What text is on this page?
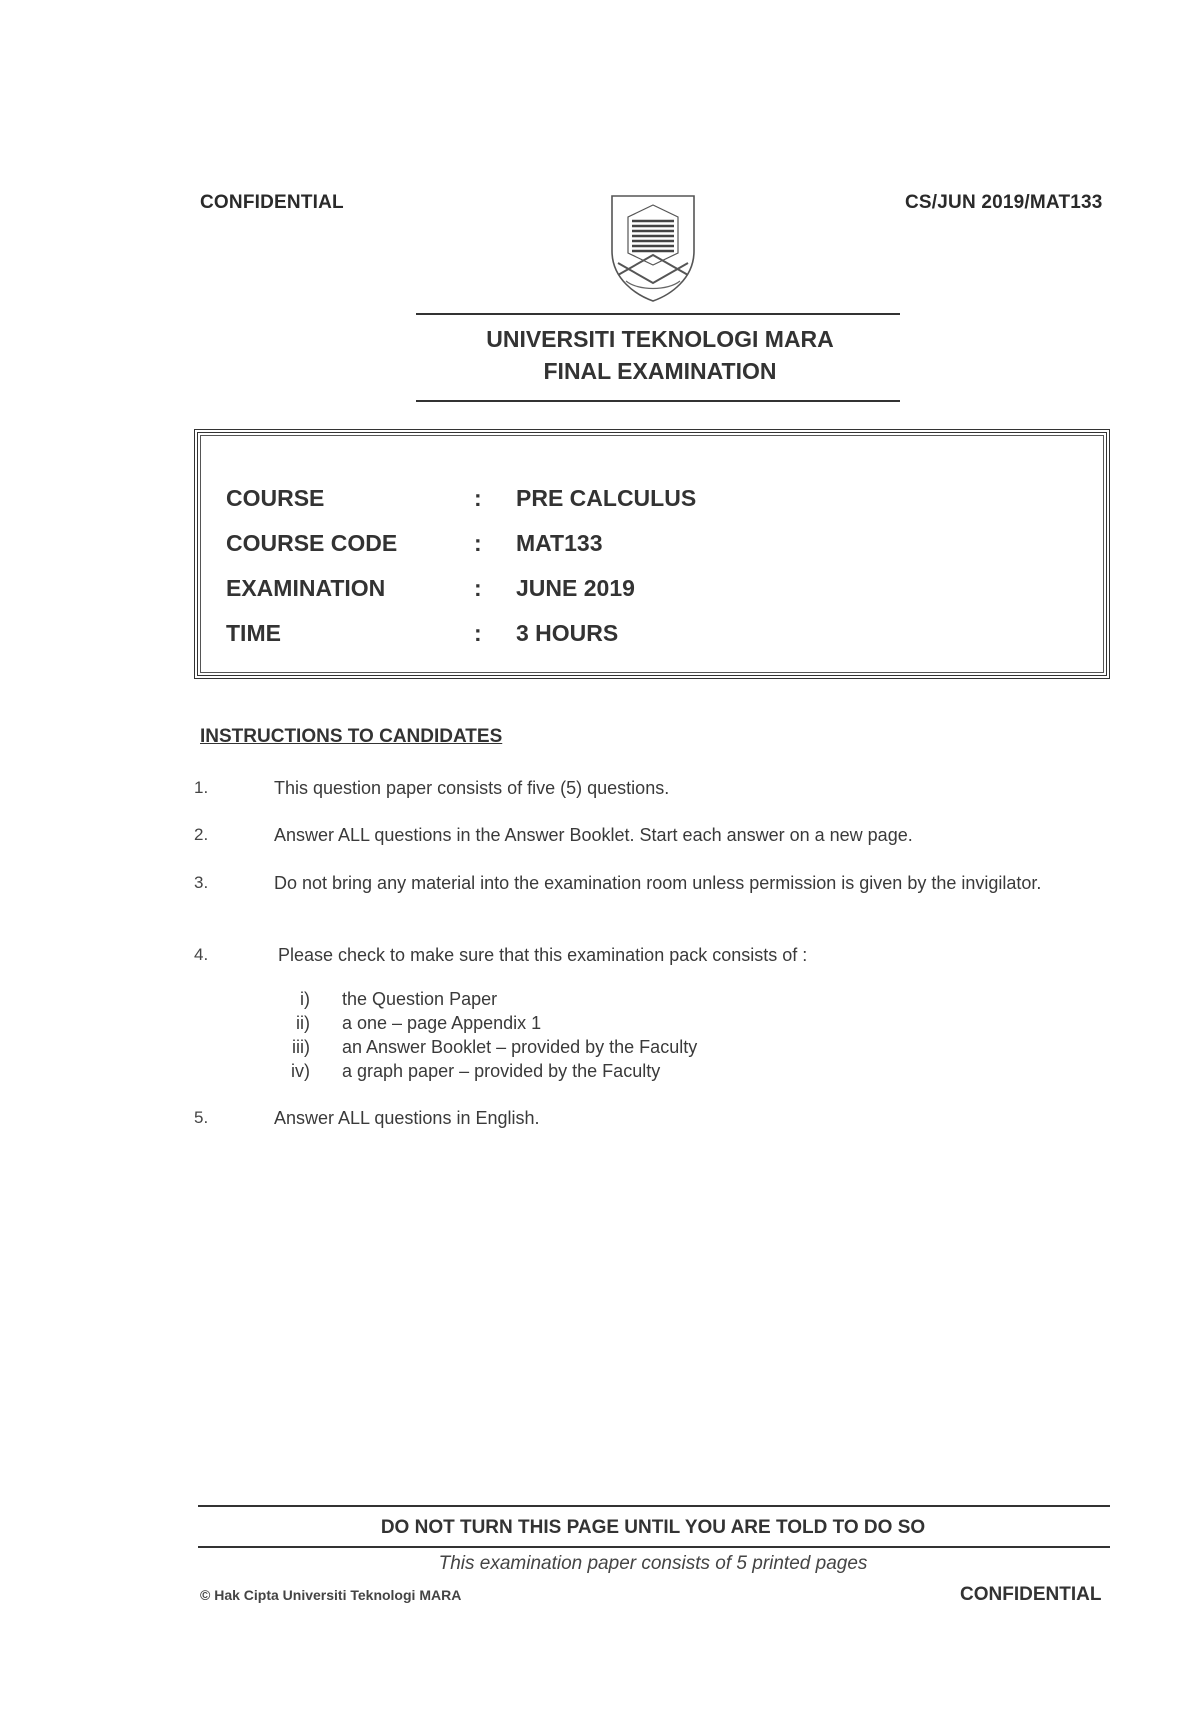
CONFIDENTIAL	CS/JUN 2019/MAT133
UNIVERSITI TEKNOLOGI MARA
FINAL EXAMINATION
COURSE	: PRE CALCULUS
COURSE CODE	: MAT133
EXAMINATION	: JUNE 2019
TIME	: 3 HOURS
INSTRUCTIONS TO CANDIDATES
1.	This question paper consists of five (5) questions.
2.	Answer ALL questions in the Answer Booklet. Start each answer on a new page.
3.	Do not bring any material into the examination room unless permission is given by the invigilator.
4.	Please check to make sure that this examination pack consists of :
i) the Question Paper
ii) a one – page Appendix 1
iii) an Answer Booklet – provided by the Faculty
iv) a graph paper – provided by the Faculty
5.	Answer ALL questions in English.
DO NOT TURN THIS PAGE UNTIL YOU ARE TOLD TO DO SO
This examination paper consists of 5 printed pages
© Hak Cipta Universiti Teknologi MARA	CONFIDENTIAL
